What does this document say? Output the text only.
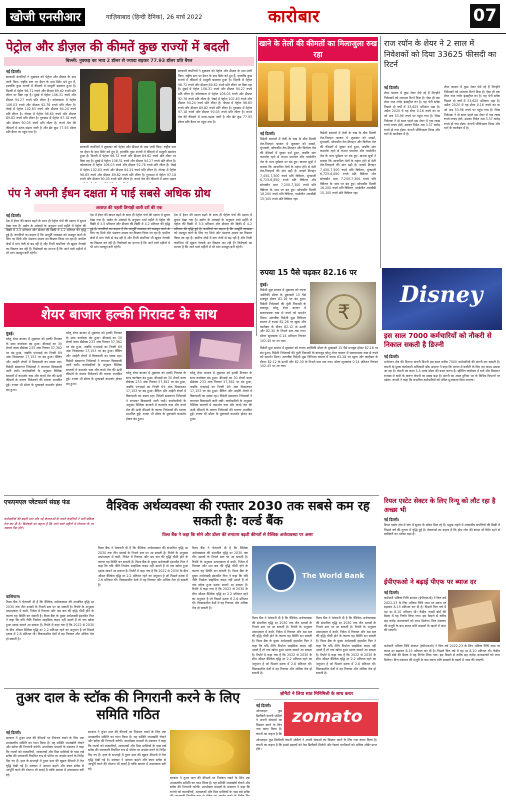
खोजी एनसीआर	गाज़ियाबाद (हिन्दी दैनिक), 26 मार्च 2022	कारोबार	07
पेट्रोल और डीज़ल की कीमतें कुछ राज्यों में बदली
बिल्ली: नुक्कड़ का भाव 2 डॉलर से ज्यादा बढ़कर 77.93 डॉलर प्रति बैरल
नई दिल्ली।
सरकारी कंपनियों ने शुक्रवार को पेट्रोल और डीज़ल के दाम जारी किए। राष्ट्रीय स्तर पर ईंधन के दाम स्थिर बने हुए हैं, हालांकि कुछ राज्यों में कीमतों में मामूली बदलाव हुआ है। दिल्ली में पेट्रोल 96.72 रुपये और डीज़ल 89.62 रुपये प्रति लीटर पर बिक रहा है। मुंबई में पेट्रोल 106.31 रुपये और डीज़ल 94.27 रुपये प्रति लीटर है। कोलकाता में पेट्रोल 106.03 रुपये और डीज़ल 92.76 रुपये प्रति लीटर है। चेन्नई में पेट्रोल 102.63 रुपये और डीज़ल 94.24 रुपये प्रति लीटर है। नोएडा में पेट्रोल 96.65 रुपये और डीज़ल 89.82 रुपये प्रति लीटर है। गुरुग्राम में पेट्रोल 97.18 रुपये और डीज़ल 90.05 रुपये प्रति लीटर है। कच्चे तेल की कीमतों में उतार-चढ़ाव जारी है और ब्रेंट क्रूड 77.93 डॉलर प्रति बैरल पर पहुंच गया है।
सरकारी कंपनियों ने शुक्रवार को पेट्रोल और डीज़ल के दाम जारी किए। राष्ट्रीय स्तर पर ईंधन के दाम स्थिर बने हुए हैं, हालांकि कुछ राज्यों में कीमतों में मामूली बदलाव हुआ है। दिल्ली में पेट्रोल 96.72 रुपये और डीज़ल 89.62 रुपये प्रति लीटर पर बिक रहा है। मुंबई में पेट्रोल 106.31 रुपये और डीज़ल 94.27 रुपये प्रति लीटर है। कोलकाता में पेट्रोल 106.03 रुपये और डीज़ल 92.76 रुपये प्रति लीटर है। चेन्नई में पेट्रोल 102.63 रुपये और डीज़ल 94.24 रुपये प्रति लीटर है। नोएडा में पेट्रोल 96.65 रुपये और डीज़ल 89.82 रुपये प्रति लीटर है। गुरुग्राम में पेट्रोल 97.18 रुपये और डीज़ल 90.05 रुपये प्रति लीटर है। कच्चे तेल की कीमतों में उतार-चढ़ाव जारी है और ब्रेंट क्रूड 77.93 डॉलर प्रति बैरल पर पहुंच गया है।
सरकारी कंपनियों ने शुक्रवार को पेट्रोल और डीज़ल के दाम जारी किए। राष्ट्रीय स्तर पर ईंधन के दाम स्थिर बने हुए हैं, हालांकि कुछ राज्यों में कीमतों में मामूली बदलाव हुआ है। दिल्ली में पेट्रोल 96.72 रुपये और डीज़ल 89.62 रुपये प्रति लीटर पर बिक रहा है। मुंबई में पेट्रोल 106.31 रुपये और डीज़ल 94.27 रुपये प्रति लीटर है। कोलकाता में पेट्रोल 106.03 रुपये और डीज़ल 92.76 रुपये प्रति लीटर है। चेन्नई में पेट्रोल 102.63 रुपये और डीज़ल 94.24 रुपये प्रति लीटर है। नोएडा में पेट्रोल 96.65 रुपये और डीज़ल 89.82 रुपये प्रति लीटर है। गुरुग्राम में पेट्रोल 97.18 रुपये और डीज़ल 90.05 रुपये प्रति लीटर है। कच्चे तेल की कीमतों में उतार-चढ़ाव
पंप ने अपनी ईंधन दक्षता में पाई सबसे अधिक ग्रोथ
आवाज़ की पहली तिमाही वाली दरों की एक
नई दिल्ली।
देश में ईंधन की खपत बढ़ने के साथ ही पेट्रोल पंपों की दक्षता में सुधार देखा गया है। उद्योग के आंकड़ों के अनुसार मार्च महीने में पेट्रोल की बिक्री में 3.5 प्रतिशत और डीज़ल की बिक्री में 4.2 प्रतिशत की वृद्धि हुई है। कंपनियों का कहना है कि आपूर्ति व्यवस्था को मजबूत करने के लिए नए डिपो और भंडारण क्षमता का विस्तार किया जा रहा है। ग्रामीण क्षेत्रों में मांग तेजी से बढ़ रही है और निजी कंपनियां भी खुदरा नेटवर्क का विस्तार कर रही हैं। विशेषज्ञों का मानना है कि आने वाले महीनों में भी मांग मजबूत बनी रहेगी।
देश में ईंधन की खपत बढ़ने के साथ ही पेट्रोल पंपों की दक्षता में सुधार देखा गया है। उद्योग के आंकड़ों के अनुसार मार्च महीने में पेट्रोल की बिक्री में 3.5 प्रतिशत और डीज़ल की बिक्री में 4.2 प्रतिशत की वृद्धि हुई है। कंपनियों का कहना है कि आपूर्ति व्यवस्था को मजबूत करने के लिए नए डिपो और भंडारण क्षमता का विस्तार किया जा रहा है। ग्रामीण क्षेत्रों में मांग तेजी से बढ़ रही है और निजी कंपनियां भी खुदरा नेटवर्क का विस्तार कर रही हैं। विशेषज्ञों का मानना है कि आने वाले महीनों में भी मांग मजबूत बनी रहेगी।
देश में ईंधन की खपत बढ़ने के साथ ही पेट्रोल पंपों की दक्षता में सुधार देखा गया है। उद्योग के आंकड़ों के अनुसार मार्च महीने में पेट्रोल की बिक्री में 3.5 प्रतिशत और डीज़ल की बिक्री में 4.2 प्रतिशत की वृद्धि हुई है। कंपनियों का कहना है कि आपूर्ति व्यवस्था को मजबूत करने के लिए नए डिपो और भंडारण क्षमता का विस्तार किया जा रहा है। ग्रामीण क्षेत्रों में मांग तेजी से बढ़ रही है और निजी कंपनियां भी खुदरा नेटवर्क का विस्तार कर रही हैं। विशेषज्ञों का मानना है कि आने वाले महीनों में भी मांग मजबूत बनी रहेगी।
शेयर बाजार हल्की गिरावट के साथ
मुंबई।
घरेलू शेयर बाजार में शुक्रवार को हल्की गिरावट के साथ कारोबार बंद हुआ। बीएसई का 30 शेयरों वाला सेंसेक्स 233 अंक गिरकर 57,362 पर बंद हुआ, जबकि एनएसई का निफ्टी 69 अंक फिसलकर 17,153 पर बंद हुआ। बैंकिंग और आईटी शेयरों में बिकवाली का दबाव रहा। विदेशी संस्थागत निवेशकों ने लगातार बिकवाली जारी रखी। कारोबारियों के अनुसार वैश्विक बाजारों में कमजोर रुख और कच्चे तेल की ऊंची कीमतों के कारण निवेशकों की धारणा प्रभावित हुई। रुपया भी डॉलर के मुकाबले कमजोर होकर बंद हुआ।
घरेलू शेयर बाजार में शुक्रवार को हल्की गिरावट के साथ कारोबार बंद हुआ। बीएसई का 30 शेयरों वाला सेंसेक्स 233 अंक गिरकर 57,362 पर बंद हुआ, जबकि एनएसई का निफ्टी 69 अंक फिसलकर 17,153 पर बंद हुआ। बैंकिंग और आईटी शेयरों में बिकवाली का दबाव रहा। विदेशी संस्थागत निवेशकों ने लगातार बिकवाली जारी रखी। कारोबारियों के अनुसार वैश्विक बाजारों में कमजोर रुख और कच्चे तेल की ऊंची कीमतों के कारण निवेशकों की धारणा प्रभावित हुई। रुपया भी डॉलर के मुकाबले कमजोर होकर बंद हुआ।
घरेलू शेयर बाजार में शुक्रवार को हल्की गिरावट के साथ कारोबार बंद हुआ। बीएसई का 30 शेयरों वाला सेंसेक्स 233 अंक गिरकर 57,362 पर बंद हुआ, जबकि एनएसई का निफ्टी 69 अंक फिसलकर 17,153 पर बंद हुआ। बैंकिंग और आईटी शेयरों में बिकवाली का दबाव रहा। विदेशी संस्थागत निवेशकों ने लगातार बिकवाली जारी रखी। कारोबारियों के अनुसार वैश्विक बाजारों में कमजोर रुख और कच्चे तेल की ऊंची कीमतों के कारण निवेशकों की धारणा प्रभावित हुई। रुपया भी डॉलर के मुकाबले कमजोर होकर बंद हुआ।
घरेलू शेयर बाजार में शुक्रवार को हल्की गिरावट के साथ कारोबार बंद हुआ। बीएसई का 30 शेयरों वाला सेंसेक्स 233 अंक गिरकर 57,362 पर बंद हुआ, जबकि एनएसई का निफ्टी 69 अंक फिसलकर 17,153 पर बंद हुआ। बैंकिंग और आईटी शेयरों में बिकवाली का दबाव रहा। विदेशी संस्थागत निवेशकों ने लगातार बिकवाली जारी रखी। कारोबारियों के अनुसार वैश्विक बाजारों में कमजोर रुख और कच्चे तेल की ऊंची कीमतों के कारण निवेशकों की धारणा प्रभावित हुई। रुपया भी डॉलर के मुकाबले कमजोर होकर बंद हुआ।
खाने के तेलों की कीमतों का मिलाजुला रुख रहा
नई दिल्ली।
विदेशी बाजारों में तेजी के रुख के बीच दिल्ली तेल-तिलहन बाजार में शुक्रवार को सरसों, मूंगफली, सोयाबीन तेल-तिलहन और बिनौला तेल की कीमतों में सुधार दर्ज हुआ, जबकि मांग कमजोर रहने से कच्चा पामतेल और पामोलीन तेल के भाव पूर्वस्तर पर बंद हुए। बाजार सूत्रों ने बताया कि आयातित तेलों के महंगा होने से देशी तेल-तिलहनों की मांग बढ़ी है। सरसों तिलहन 7,450-7,500 रुपये प्रति क्विंटल, मूंगफली 6,725-6,850 रुपये प्रति क्विंटल और सोयाबीन दाना 7,250-7,300 रुपये प्रति क्विंटल के भाव पर बंद हुए। सोयाबीन दिल्ली 16,200 रुपये प्रति क्विंटल, पामोलीन आरबीडी 15,100 रुपये प्रति क्विंटल रहा।
विदेशी बाजारों में तेजी के रुख के बीच दिल्ली तेल-तिलहन बाजार में शुक्रवार को सरसों, मूंगफली, सोयाबीन तेल-तिलहन और बिनौला तेल की कीमतों में सुधार दर्ज हुआ, जबकि मांग कमजोर रहने से कच्चा पामतेल और पामोलीन तेल के भाव पूर्वस्तर पर बंद हुए। बाजार सूत्रों ने बताया कि आयातित तेलों के महंगा होने से देशी तेल-तिलहनों की मांग बढ़ी है। सरसों तिलहन 7,450-7,500 रुपये प्रति क्विंटल, मूंगफली 6,725-6,850 रुपये प्रति क्विंटल और सोयाबीन दाना 7,250-7,300 रुपये प्रति क्विंटल के भाव पर बंद हुए। सोयाबीन दिल्ली 16,200 रुपये प्रति क्विंटल, पामोलीन आरबीडी 15,100 रुपये प्रति क्विंटल रहा।
राज रयॉन के शेयर ने 2 साल में निवेशकों को दिया 33625 फीसदी का रिटर्न
नई दिल्ली।
शेयर बाजार में कुछ शेयर ऐसे रहे हैं जिन्होंने निवेशकों को शानदार रिटर्न दिया है। ऐसा ही एक शेयर राज रयॉन इंडस्ट्रीज का है। यह पेनी स्टॉक पिछले दो वर्षों में 33,625 प्रतिशत चढ़ा है। अप्रैल 2020 में यह शेयर 0.16 रुपये का था जो अब 53.96 रुपये पर पहुंच गया है। जिस निवेशक ने दो साल पहले इस शेयर में एक लाख रुपये लगाए होते, उसका निवेश अब 3.37 करोड़ रुपये हो गया होता। कंपनी पॉलिएस्टर चिप्स और यार्न के कारोबार में है।
शेयर बाजार में कुछ शेयर ऐसे रहे हैं जिन्होंने निवेशकों को शानदार रिटर्न दिया है। ऐसा ही एक शेयर राज रयॉन इंडस्ट्रीज का है। यह पेनी स्टॉक पिछले दो वर्षों में 33,625 प्रतिशत चढ़ा है। अप्रैल 2020 में यह शेयर 0.16 रुपये का था जो अब 53.96 रुपये पर पहुंच गया है। जिस निवेशक ने दो साल पहले इस शेयर में एक लाख रुपये लगाए होते, उसका निवेश अब 3.37 करोड़ रुपये हो गया होता। कंपनी पॉलिएस्टर चिप्स और यार्न के कारोबार में है।
रुपया 15 पैसे चढ़कर 82.16 पर
मुंबई।
विदेशी मुद्रा बाजार में शुक्रवार को रुपया अमेरिकी डॉलर के मुकाबले 15 पैसे मजबूत होकर 82.16 पर बंद हुआ। विदेशी निवेशकों की पूंजी निकासी के बावजूद घरेलू शेयर बाजार में सकारात्मक रुख से रुपये को समर्थन मिला। अंतरबैंक विदेशी मुद्रा विनिमय बाजार में रुपया 82.28 पर खुला और कारोबार के दौरान 82.12 के ऊपरी और 82.30 के निचले स्तर तक गया। डॉलर सूचकांक 0.14 प्रतिशत गिरकर 102.45 पर आ गया।
₹
विदेशी मुद्रा बाजार में शुक्रवार को रुपया अमेरिकी डॉलर के मुकाबले 15 पैसे मजबूत होकर 82.16 पर बंद हुआ। विदेशी निवेशकों की पूंजी निकासी के बावजूद घरेलू शेयर बाजार में सकारात्मक रुख से रुपये को समर्थन मिला। अंतरबैंक विदेशी मुद्रा विनिमय बाजार में रुपया 82.28 पर खुला और कारोबार के दौरान 82.12 के ऊपरी और 82.30 के निचले स्तर तक गया। डॉलर सूचकांक 0.14 प्रतिशत गिरकर 102.45 पर आ गया।
Disney
इस साल 7000 कर्मचारियों को नौकरी से निकाल सकती है डिज्नी
नई दिल्ली।
मनोरंजन क्षेत्र की दिग्गज कंपनी डिज्नी इस साल करीब 7000 कर्मचारियों की छंटनी कर सकती है। कंपनी के मुख्य कार्यकारी अधिकारी बॉब आइगर ने कहा कि लागत में कटौती के लिए यह कदम उठाया जा रहा है। कंपनी का लक्ष्य 5.5 अरब डॉलर की बचत करना है। स्ट्रीमिंग कारोबार में घाटे और विज्ञापन राजस्व में कमी के कारण कंपनी पर दबाव बढ़ा है। छंटनी का असर दुनिया भर के विभिन्न विभागों पर पड़ेगा। कंपनी ने कहा कि प्रभावित कर्मचारियों को उचित मुआवजा दिया जाएगा।
एफएमएल प्लेटफार्म संग्रह फंड
कर्मचारियों की बढ़ती मांग और नई योजनाओं के चलते कंपनियों ने भर्ती प्रक्रिया तेज कर दी है। विशेषज्ञों का कहना है कि आने वाले महीनों में रोजगार के नए अवसर पैदा होंगे।
वैश्विक अर्थव्यवस्था की रफ्तार 2030 तक सबसे कम रह सकती है: वर्ल्ड बैंक
विश्व बैंक ने कहा कि सोने और डॉलर की लगातार बढ़ती कीमतों से वैश्विक अर्थव्यवस्था पर असर
वाशिंगटन।
विश्व बैंक ने चेतावनी दी है कि वैश्विक अर्थव्यवस्था की संभावित वृद्धि दर 2030 तक तीन दशकों के निचले स्तर पर आ सकती है। रिपोर्ट के अनुसार उत्पादकता में कमी, निवेश में गिरावट और श्रम बल की वृद्धि धीमी होने के कारण यह स्थिति बन सकती है। विश्व बैंक के मुख्य अर्थशास्त्री इंदरमीत गिल ने कहा कि यदि नीति निर्माता साहसिक कदम नहीं उठाते हैं तो एक खोया हुआ दशक सामने आ सकता है। रिपोर्ट में कहा गया है कि 2022 से 2030 के बीच औसत वैश्विक वृद्धि दर 2.2 प्रतिशत रहने का अनुमान है जो पिछले दशक में 2.6 प्रतिशत थी। विकासशील देशों में यह गिरावट और अधिक तेज हो सकती है।
विश्व बैंक ने चेतावनी दी है कि वैश्विक अर्थव्यवस्था की संभावित वृद्धि दर 2030 तक तीन दशकों के निचले स्तर पर आ सकती है। रिपोर्ट के अनुसार उत्पादकता में कमी, निवेश में गिरावट और श्रम बल की वृद्धि धीमी होने के कारण यह स्थिति बन सकती है। विश्व बैंक के मुख्य अर्थशास्त्री इंदरमीत गिल ने कहा कि यदि नीति निर्माता साहसिक कदम नहीं उठाते हैं तो एक खोया हुआ दशक सामने आ सकता है। रिपोर्ट में कहा गया है कि 2022 से 2030 के बीच औसत वैश्विक वृद्धि दर 2.2 प्रतिशत रहने का अनुमान है जो पिछले दशक में 2.6 प्रतिशत थी। विकासशील देशों में यह गिरावट और अधिक तेज हो सकती है।
विश्व बैंक ने चेतावनी दी है कि वैश्विक अर्थव्यवस्था की संभावित वृद्धि दर 2030 तक तीन दशकों के निचले स्तर पर आ सकती है। रिपोर्ट के अनुसार उत्पादकता में कमी, निवेश में गिरावट और श्रम बल की वृद्धि धीमी होने के कारण यह स्थिति बन सकती है। विश्व बैंक के मुख्य अर्थशास्त्री इंदरमीत गिल ने कहा कि यदि नीति निर्माता साहसिक कदम नहीं उठाते हैं तो एक खोया हुआ दशक सामने आ सकता है। रिपोर्ट में कहा गया है कि 2022 से 2030 के बीच औसत वैश्विक वृद्धि दर 2.2 प्रतिशत रहने का अनुमान है जो पिछले दशक में 2.6 प्रतिशत थी। विकासशील देशों में यह गिरावट और अधिक तेज हो सकती है।
The World Bank
विश्व बैंक ने चेतावनी दी है कि वैश्विक अर्थव्यवस्था की संभावित वृद्धि दर 2030 तक तीन दशकों के निचले स्तर पर आ सकती है। रिपोर्ट के अनुसार उत्पादकता में कमी, निवेश में गिरावट और श्रम बल की वृद्धि धीमी होने के कारण यह स्थिति बन सकती है। विश्व बैंक के मुख्य अर्थशास्त्री इंदरमीत गिल ने कहा कि यदि नीति निर्माता साहसिक कदम नहीं उठाते हैं तो एक खोया हुआ दशक सामने आ सकता है। रिपोर्ट में कहा गया है कि 2022 से 2030 के बीच औसत वैश्विक वृद्धि दर 2.2 प्रतिशत रहने का अनुमान है जो पिछले दशक में 2.6 प्रतिशत थी। विकासशील देशों में यह गिरावट और अधिक तेज हो सकती है।
विश्व बैंक ने चेतावनी दी है कि वैश्विक अर्थव्यवस्था की संभावित वृद्धि दर 2030 तक तीन दशकों के निचले स्तर पर आ सकती है। रिपोर्ट के अनुसार उत्पादकता में कमी, निवेश में गिरावट और श्रम बल की वृद्धि धीमी होने के कारण यह स्थिति बन सकती है। विश्व बैंक के मुख्य अर्थशास्त्री इंदरमीत गिल ने कहा कि यदि नीति निर्माता साहसिक कदम नहीं उठाते हैं तो एक खोया हुआ दशक सामने आ सकता है। रिपोर्ट में कहा गया है कि 2022 से 2030 के बीच औसत वैश्विक वृद्धि दर 2.2 प्रतिशत रहने का अनुमान है जो पिछले दशक में 2.6 प्रतिशत थी। विकासशील देशों में यह गिरावट और अधिक तेज हो सकती है।
रियल एस्टेट सेक्टर के लिए रिन्यू को लौट रहा है अच्छा भी
नई दिल्ली।
रियल एस्टेट क्षेत्र में मांग में सुधार के संकेत मिल रहे हैं। प्रमुख शहरों में आवासीय संपत्तियों की बिक्री में पिछले वर्ष की तुलना में वृद्धि हुई है। डेवलपर्स का कहना है कि होम लोन की ब्याज दरें स्थिर रहने से खरीदारों का भरोसा बढ़ा है।
ईपीएफओ ने बढ़ाई पीएफ पर ब्याज दर
नई दिल्ली।
कर्मचारी भविष्य निधि संगठन (ईपीएफओ) ने वित्त वर्ष 2022-23 के लिए भविष्य निधि जमा पर ब्याज दर बढ़ाकर 8.15 प्रतिशत कर दी है। पिछले वित्त वर्ष में यह दर 8.10 प्रतिशत थी। केंद्रीय न्यासी बोर्ड की बैठक में यह निर्णय लिया गया। इस फैसले से करीब छह करोड़ अंशधारकों को लाभ मिलेगा। वित्त मंत्रालय की मंजूरी के बाद ब्याज राशि सदस्यों के खातों में जमा की जाएगी।
कर्मचारी भविष्य निधि संगठन (ईपीएफओ) ने वित्त वर्ष 2022-23 के लिए भविष्य निधि जमा पर ब्याज दर बढ़ाकर 8.15 प्रतिशत कर दी है। पिछले वित्त वर्ष में यह दर 8.10 प्रतिशत थी। केंद्रीय न्यासी बोर्ड की बैठक में यह निर्णय लिया गया। इस फैसले से करीब छह करोड़ अंशधारकों को लाभ मिलेगा। वित्त मंत्रालय की मंजूरी के बाद ब्याज राशि सदस्यों के खातों में जमा की जाएगी।
तुअर दाल के स्टॉक की निगरानी करने के लिए समिति गठित
नई दिल्ली।
सरकार ने तुअर दाल की कीमतों पर नियंत्रण रखने के लिए एक उच्चस्तरीय समिति का गठन किया है। यह समिति जमाखोरी रोकने और स्टॉक की निगरानी करेगी। उपभोक्ता मामलों के मंत्रालय ने कहा कि राज्यों को व्यापारियों, आयातकों और मिल मालिकों के पास रखे स्टॉक की जानकारी नियमित रूप से पोर्टल पर अपडेट करने के निर्देश दिए गए हैं। हाल के सप्ताहों में तुअर दाल की खुदरा कीमतों में तेज वृद्धि देखी गई है। सरकार ने आयात बढ़ाने और बफर स्टॉक से आपूर्ति करने की योजना भी बनाई है ताकि बाजार में उपलब्धता बनी रहे।
सरकार ने तुअर दाल की कीमतों पर नियंत्रण रखने के लिए एक उच्चस्तरीय समिति का गठन किया है। यह समिति जमाखोरी रोकने और स्टॉक की निगरानी करेगी। उपभोक्ता मामलों के मंत्रालय ने कहा कि राज्यों को व्यापारियों, आयातकों और मिल मालिकों के पास रखे स्टॉक की जानकारी नियमित रूप से पोर्टल पर अपडेट करने के निर्देश दिए गए हैं। हाल के सप्ताहों में तुअर दाल की खुदरा कीमतों में तेज वृद्धि देखी गई है। सरकार ने आयात बढ़ाने और बफर स्टॉक से आपूर्ति करने की योजना भी बनाई है ताकि बाजार में उपलब्धता बनी रहे।
सरकार ने तुअर दाल की कीमतों पर नियंत्रण रखने के लिए एक उच्चस्तरीय समिति का गठन किया है। यह समिति जमाखोरी रोकने और स्टॉक की निगरानी करेगी। उपभोक्ता मामलों के मंत्रालय ने कहा कि राज्यों को व्यापारियों, आयातकों और मिल मालिकों के पास रखे स्टॉक
ज़ोमैटो ने लिया सात मिनिमिली के साथ करार
zomato
नई दिल्ली।
ऑनलाइन फूड डिलीवरी कंपनी ज़ोमैटो ने अपनी सेवाओं का विस्तार करने के लिए नया करार किया है। कंपनी का कहना है कि
ऑनलाइन फूड डिलीवरी कंपनी ज़ोमैटो ने अपनी सेवाओं का विस्तार करने के लिए नया करार किया है। कंपनी का कहना है कि इससे ग्राहकों को तेज डिलीवरी मिलेगी और रेस्तरां भागीदारों को अधिक ऑर्डर प्राप्त होंगे।
